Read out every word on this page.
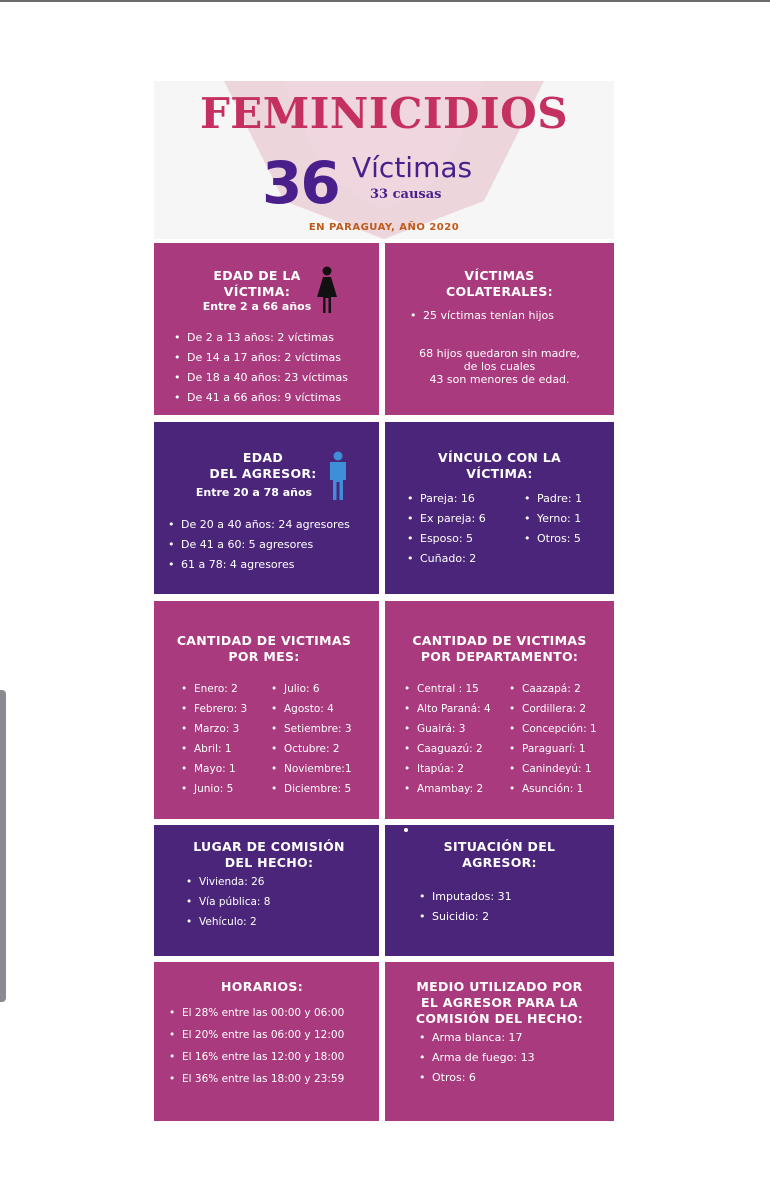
FEMINICIDIOS
36 Víctimas
33 causas
EN PARAGUAY, AÑO 2020
EDAD DE LA
VÍCTIMA:
Entre 2 a 66 años
• De 2 a 13 años: 2 víctimas
• De 14 a 17 años: 2 víctimas
• De 18 a 40 años: 23 víctimas
• De 41 a 66 años: 9 víctimas
VÍCTIMAS
COLATERALES:
• 25 víctimas tenían hijos
68 hijos quedaron sin madre,
de los cuales
43 son menores de edad.
EDAD
DEL AGRESOR:
Entre 20 a 78 años
• De 20 a 40 años: 24 agresores
• De 41 a 60: 5 agresores
• 61 a 78: 4 agresores
VÍNCULO CON LA
VÍCTIMA:
• Pareja: 16
• Ex pareja: 6
• Esposo: 5
• Cuñado: 2
• Padre: 1
• Yerno: 1
• Otros: 5
CANTIDAD DE VICTIMAS
POR MES:
• Enero: 2
• Febrero: 3
• Marzo: 3
• Abril: 1
• Mayo: 1
• Junio: 5
• Julio: 6
• Agosto: 4
• Setiembre: 3
• Octubre: 2
• Noviembre:1
• Diciembre: 5
CANTIDAD DE VICTIMAS
POR DEPARTAMENTO:
• Central : 15
• Alto Paraná: 4
• Guairá: 3
• Caaguazú: 2
• Itapúa: 2
• Amambay: 2
• Caazapá: 2
• Cordillera: 2
• Concepción: 1
• Paraguarí: 1
• Canindeyú: 1
• Asunción: 1
LUGAR DE COMISIÓN
DEL HECHO:
• Vivienda: 26
• Vía pública: 8
• Vehículo: 2
SITUACIÓN DEL
AGRESOR:
• Imputados: 31
• Suicidio: 2
HORARIOS:
• El 28% entre las 00:00 y 06:00
• El 20% entre las 06:00 y 12:00
• El 16% entre las 12:00 y 18:00
• El 36% entre las 18:00 y 23:59
MEDIO UTILIZADO POR
EL AGRESOR PARA LA
COMISIÓN DEL HECHO:
• Arma blanca: 17
• Arma de fuego: 13
• Otros: 6
